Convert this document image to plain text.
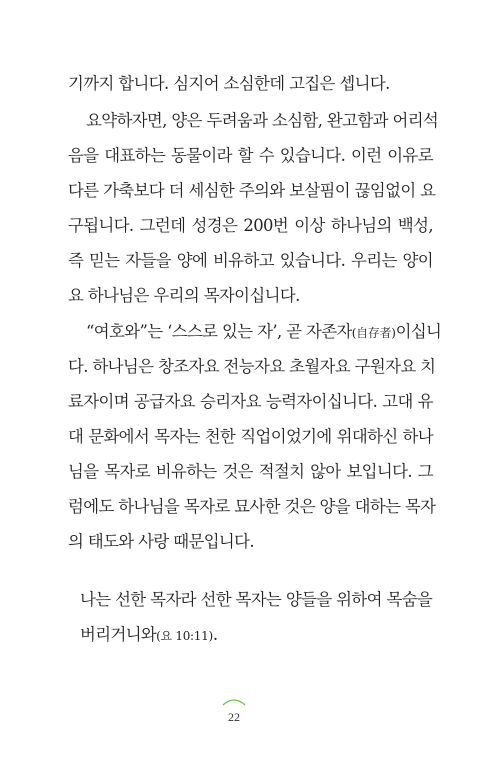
기까지 합니다. 심지어 소심한데 고집은 셉니다.
요약하자면, 양은 두려움과 소심함, 완고함과 어리석
음을 대표하는 동물이라 할 수 있습니다. 이런 이유로
다른 가축보다 더 세심한 주의와 보살핌이 끊임없이 요
구됩니다. 그런데 성경은 200번 이상 하나님의 백성,
즉 믿는 자들을 양에 비유하고 있습니다. 우리는 양이
요 하나님은 우리의 목자이십니다.
“여호와”는 ‘스스로 있는 자’, 곧 자존자(自存者)이십니
다. 하나님은 창조자요 전능자요 초월자요 구원자요 치
료자이며 공급자요 승리자요 능력자이십니다. 고대 유
대 문화에서 목자는 천한 직업이었기에 위대하신 하나
님을 목자로 비유하는 것은 적절치 않아 보입니다. 그
럼에도 하나님을 목자로 묘사한 것은 양을 대하는 목자
의 태도와 사랑 때문입니다.
나는 선한 목자라 선한 목자는 양들을 위하여 목숨을
버리거니와(요 10:11).
22
